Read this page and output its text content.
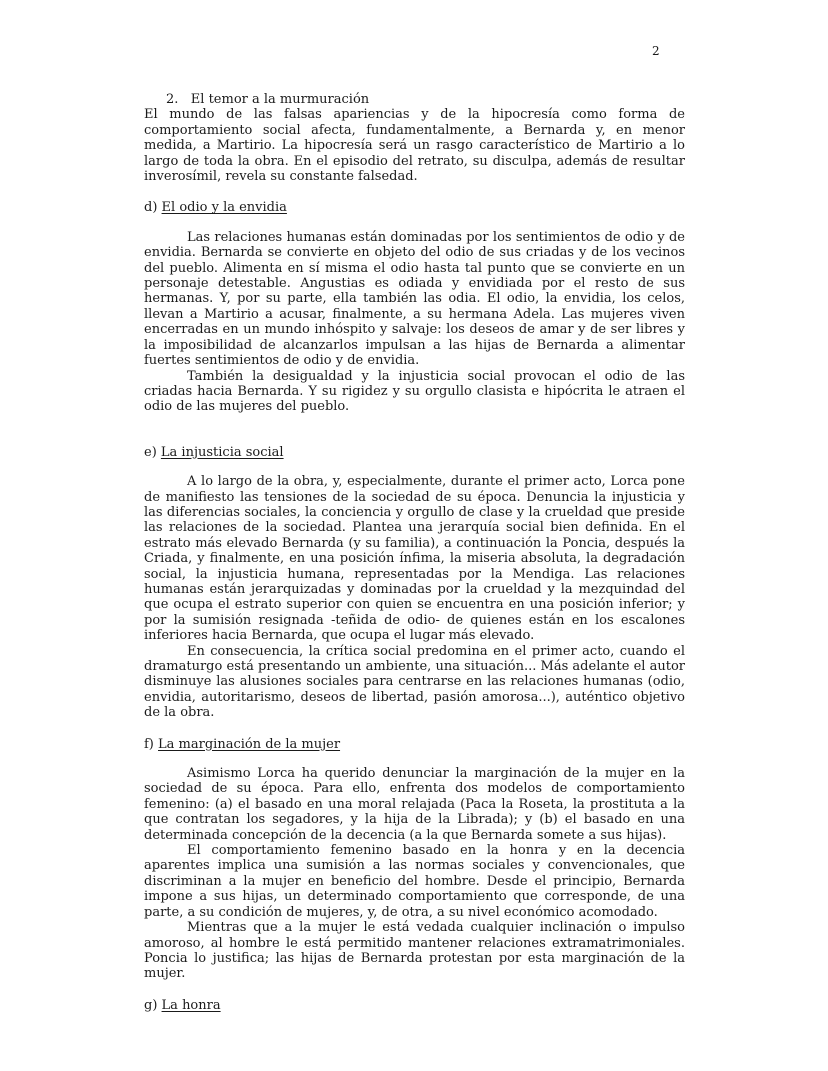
2

2.   El temor a la murmuración

El mundo de las falsas apariencias y de la hipocresía como forma de comportamiento social afecta, fundamentalmente, a Bernarda y, en menor medida, a Martirio. La hipocresía será un rasgo característico de Martirio a lo largo de toda la obra. En el episodio del retrato, su disculpa, además de resultar inverosímil, revela su constante falsedad.

d) El odio y la envidia

Las relaciones humanas están dominadas por los sentimientos de odio y de envidia. Bernarda se convierte en objeto del odio de sus criadas y de los vecinos del pueblo. Alimenta en sí misma el odio hasta tal punto que se convierte en un personaje detestable. Angustias es odiada y envidiada por el resto de sus hermanas. Y, por su parte, ella también las odia. El odio, la envidia, los celos, llevan a Martirio a acusar, finalmente, a su hermana Adela. Las mujeres viven encerradas en un mundo inhóspito y salvaje: los deseos de amar y de ser libres y la imposibilidad de alcanzarlos impulsan a las hijas de Bernarda a alimentar fuertes sentimientos de odio y de envidia.

También la desigualdad y la injusticia social provocan el odio de las criadas hacia Bernarda. Y su rigidez y su orgullo clasista e hipócrita le atraen el odio de las mujeres del pueblo.

e) La injusticia social

A lo largo de la obra, y, especialmente, durante el primer acto, Lorca pone de manifiesto las tensiones de la sociedad de su época. Denuncia la injusticia y las diferencias sociales, la conciencia y orgullo de clase y la crueldad que preside las relaciones de la sociedad. Plantea una jerarquía social bien definida. En el estrato más elevado Bernarda (y su familia), a continuación la Poncia, después la Criada, y finalmente, en una posición ínfima, la miseria absoluta, la degradación social, la injusticia humana, representadas por la Mendiga. Las relaciones humanas están jerarquizadas y dominadas por la crueldad y la mezquindad del que ocupa el estrato superior con quien se encuentra en una posición inferior; y por la sumisión resignada -teñida de odio- de quienes están en los escalones inferiores hacia Bernarda, que ocupa el lugar más elevado.

En consecuencia, la crítica social predomina en el primer acto, cuando el dramaturgo está presentando un ambiente, una situación... Más adelante el autor disminuye las alusiones sociales para centrarse en las relaciones humanas (odio, envidia, autoritarismo, deseos de libertad, pasión amorosa...), auténtico objetivo de la obra.

f) La marginación de la mujer

Asimismo Lorca ha querido denunciar la marginación de la mujer en la sociedad de su época. Para ello, enfrenta dos modelos de comportamiento femenino: (a) el basado en una moral relajada (Paca la Roseta, la prostituta a la que contratan los segadores, y la hija de la Librada); y (b) el basado en una determinada concepción de la decencia (a la que Bernarda somete a sus hijas).

El comportamiento femenino basado en la honra y en la decencia aparentes implica una sumisión a las normas sociales y convencionales, que discriminan a la mujer en beneficio del hombre. Desde el principio, Bernarda impone a sus hijas, un determinado comportamiento que corresponde, de una parte, a su condición de mujeres, y, de otra, a su nivel económico acomodado.

Mientras que a la mujer le está vedada cualquier inclinación o impulso amoroso, al hombre le está permitido mantener relaciones extramatrimoniales. Poncia lo justifica; las hijas de Bernarda protestan por esta marginación de la mujer.

g) La honra
